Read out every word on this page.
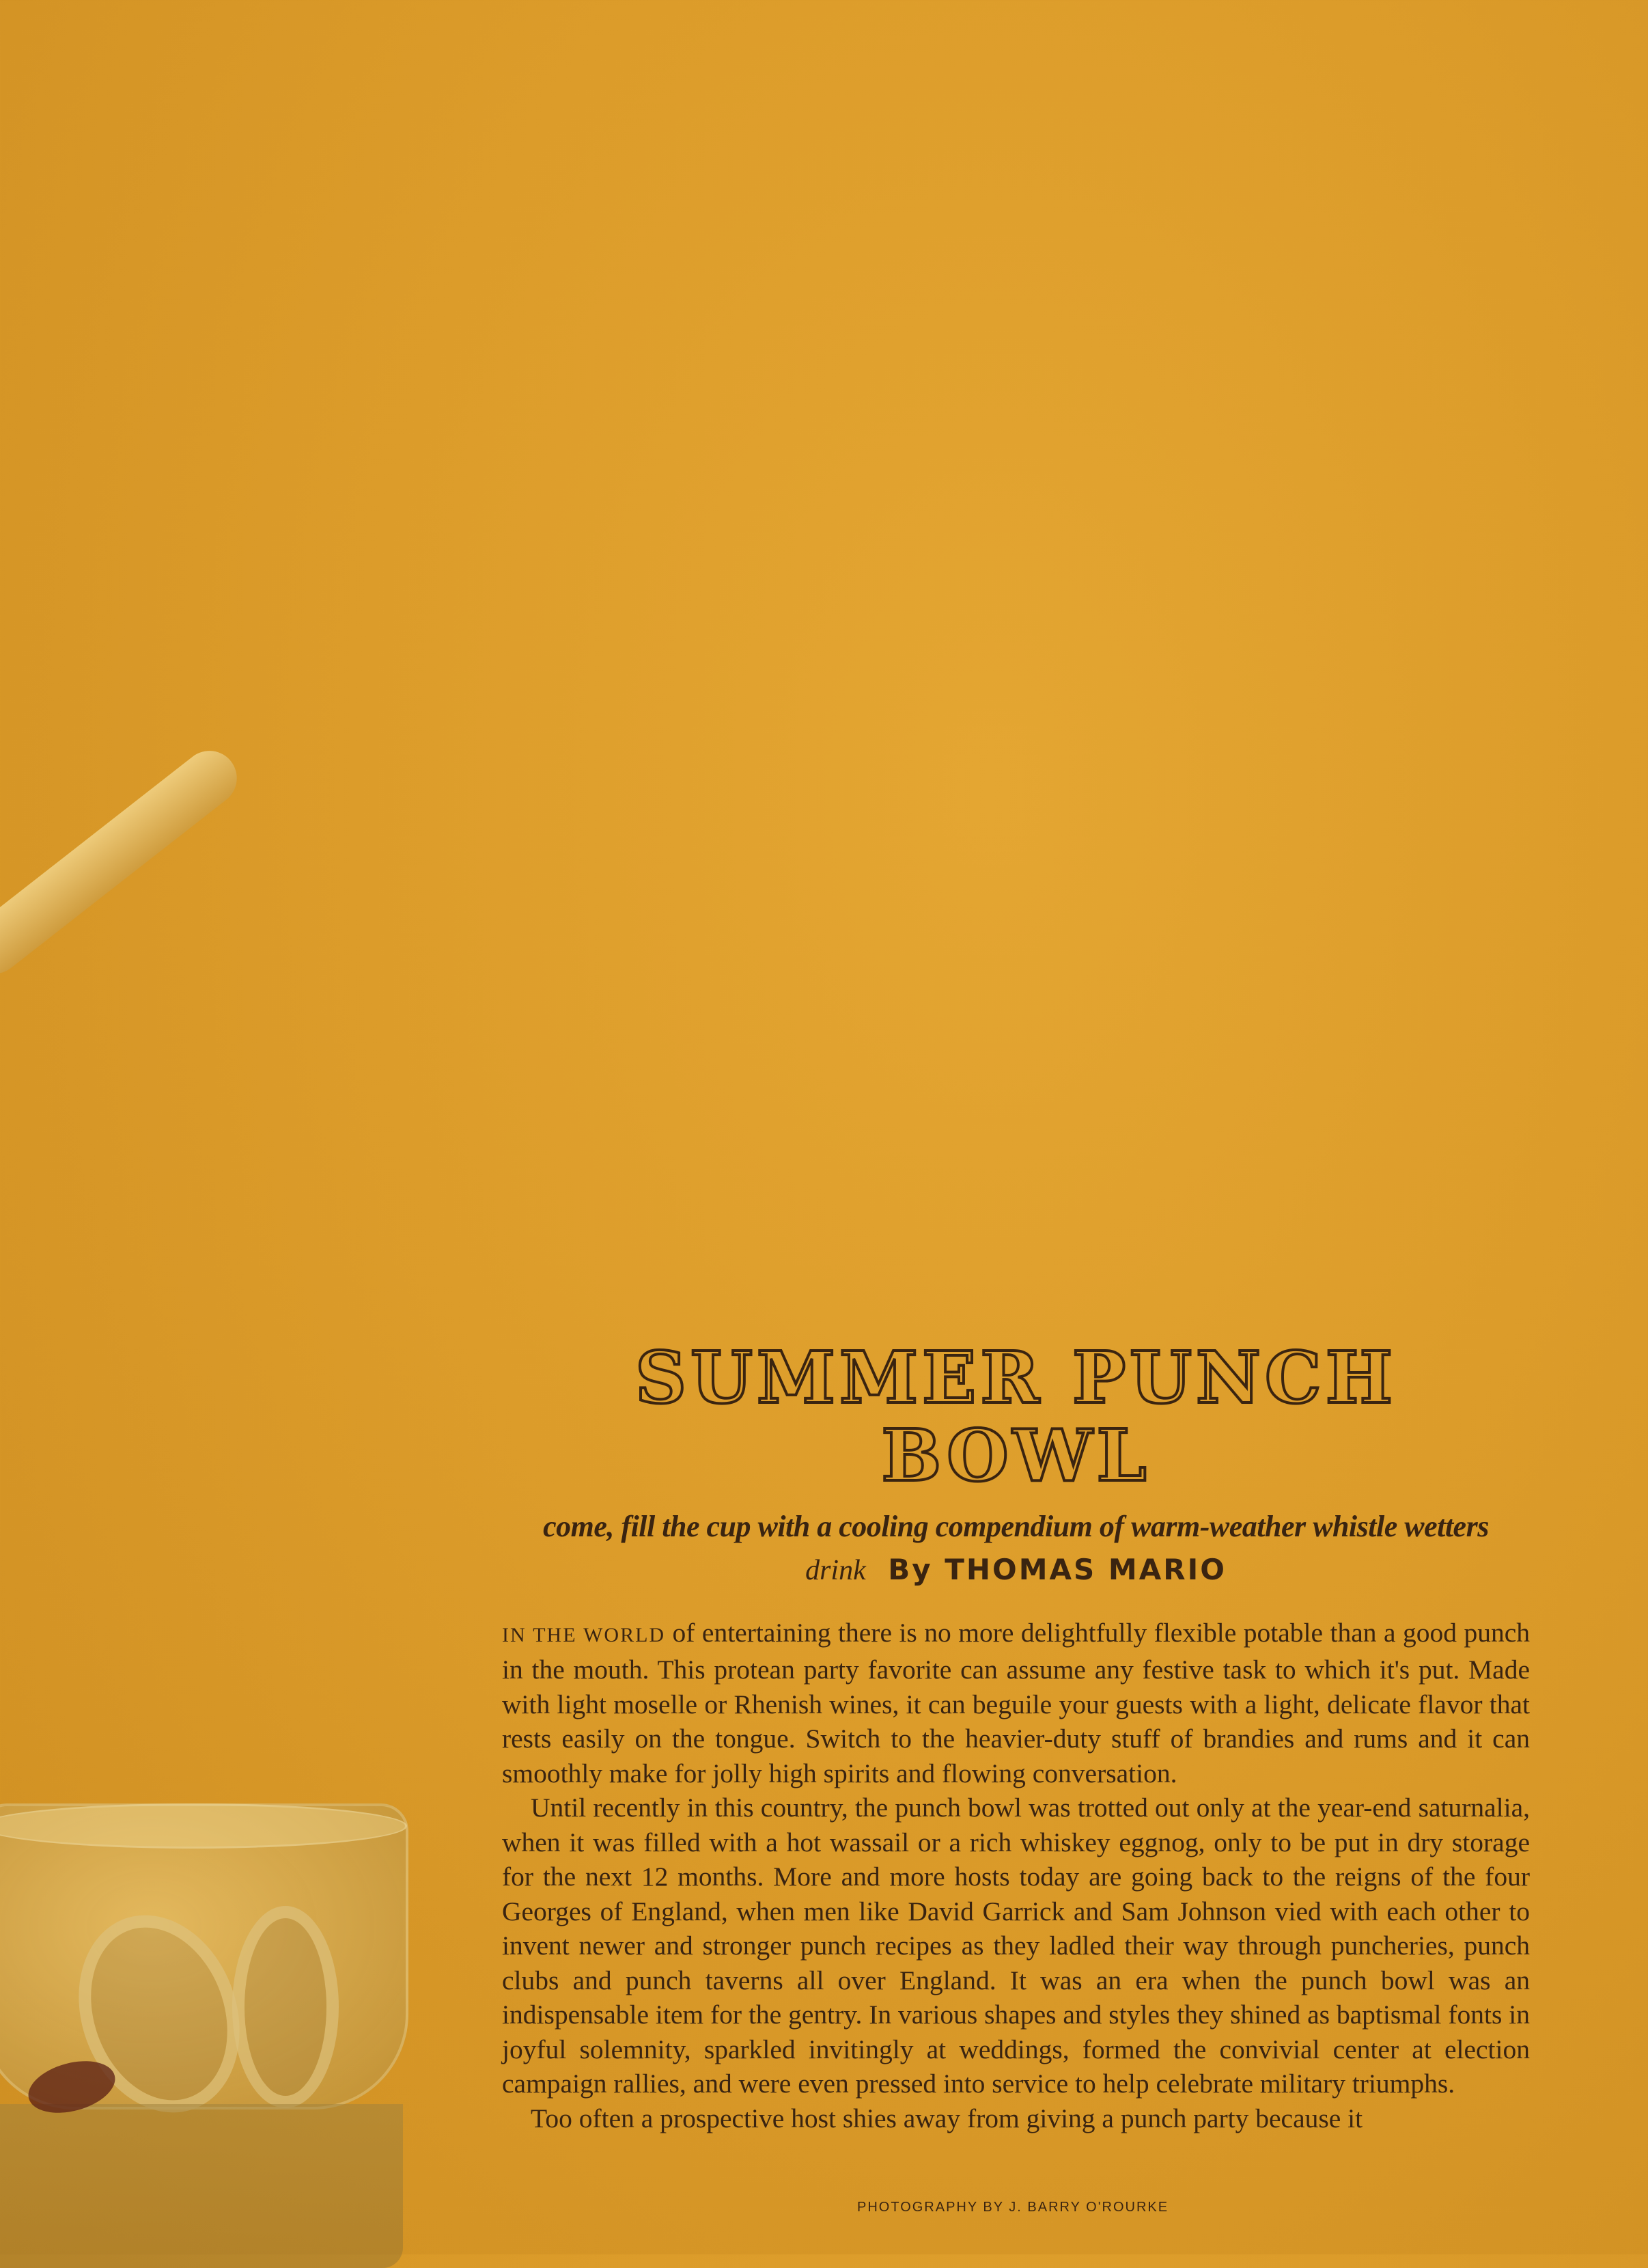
SUMMER PUNCH BOWL
come, fill the cup with a cooling compendium of warm-weather whistle wetters
drink By THOMAS MARIO

IN THE WORLD of entertaining there is no more delightfully flexible potable than a good punch in the mouth. This protean party favorite can assume any festive task to which it's put. Made with light moselle or Rhenish wines, it can beguile your guests with a light, delicate flavor that rests easily on the tongue. Switch to the heavier-duty stuff of brandies and rums and it can smoothly make for jolly high spirits and flowing conversation.

Until recently in this country, the punch bowl was trotted out only at the year-end saturnalia, when it was filled with a hot wassail or a rich whiskey eggnog, only to be put in dry storage for the next 12 months. More and more hosts today are going back to the reigns of the four Georges of England, when men like David Garrick and Sam Johnson vied with each other to invent newer and stronger punch recipes as they ladled their way through puncheries, punch clubs and punch taverns all over England. It was an era when the punch bowl was an indispensable item for the gentry. In various shapes and styles they shined as baptismal fonts in joyful solemnity, sparkled invitingly at weddings, formed the convivial center at election campaign rallies, and were even pressed into service to help celebrate military triumphs.

Too often a prospective host shies away from giving a punch party because it

PHOTOGRAPHY BY J. BARRY O'ROURKE
